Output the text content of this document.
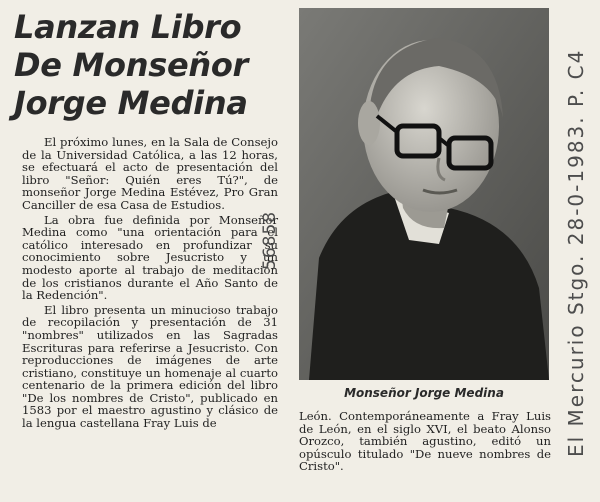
Lanzan Libro
De Monseñor
Jorge Medina

El próximo lunes, en la Sala de Consejo de la Universidad Católica, a las 12 horas, se efectuará el acto de presentación del libro "Señor: Quién eres Tú?", de monseñor Jorge Medina Estévez, Pro Gran Canciller de esa Casa de Estudios.

La obra fue definida por Monseñor Medina como "una orientación para el católico interesado en profundizar su conocimiento sobre Jesucristo y un modesto aporte al trabajo de meditación de los cristianos durante el Año Santo de la Redención".

El libro presenta un minucioso trabajo de recopilación y presentación de 31 "nombres" utilizados en las Sagradas Escrituras para referirse a Jesucristo. Con reproducciones de imágenes de arte cristiano, constituye un homenaje al cuarto centenario de la primera edición del libro "De los nombres de Cristo", publicado en 1583 por el maestro agustino y clásico de la lengua castellana Fray Luis de

Monseñor Jorge Medina

León. Contemporáneamente a Fray Luis de León, en el siglo XVI, el beato Alonso Orozco, también agustino, editó un opúsculo titulado "De nueve nombres de Cristo".

56858	El Mercurio Stgo. 28-0-1983. P. C4
